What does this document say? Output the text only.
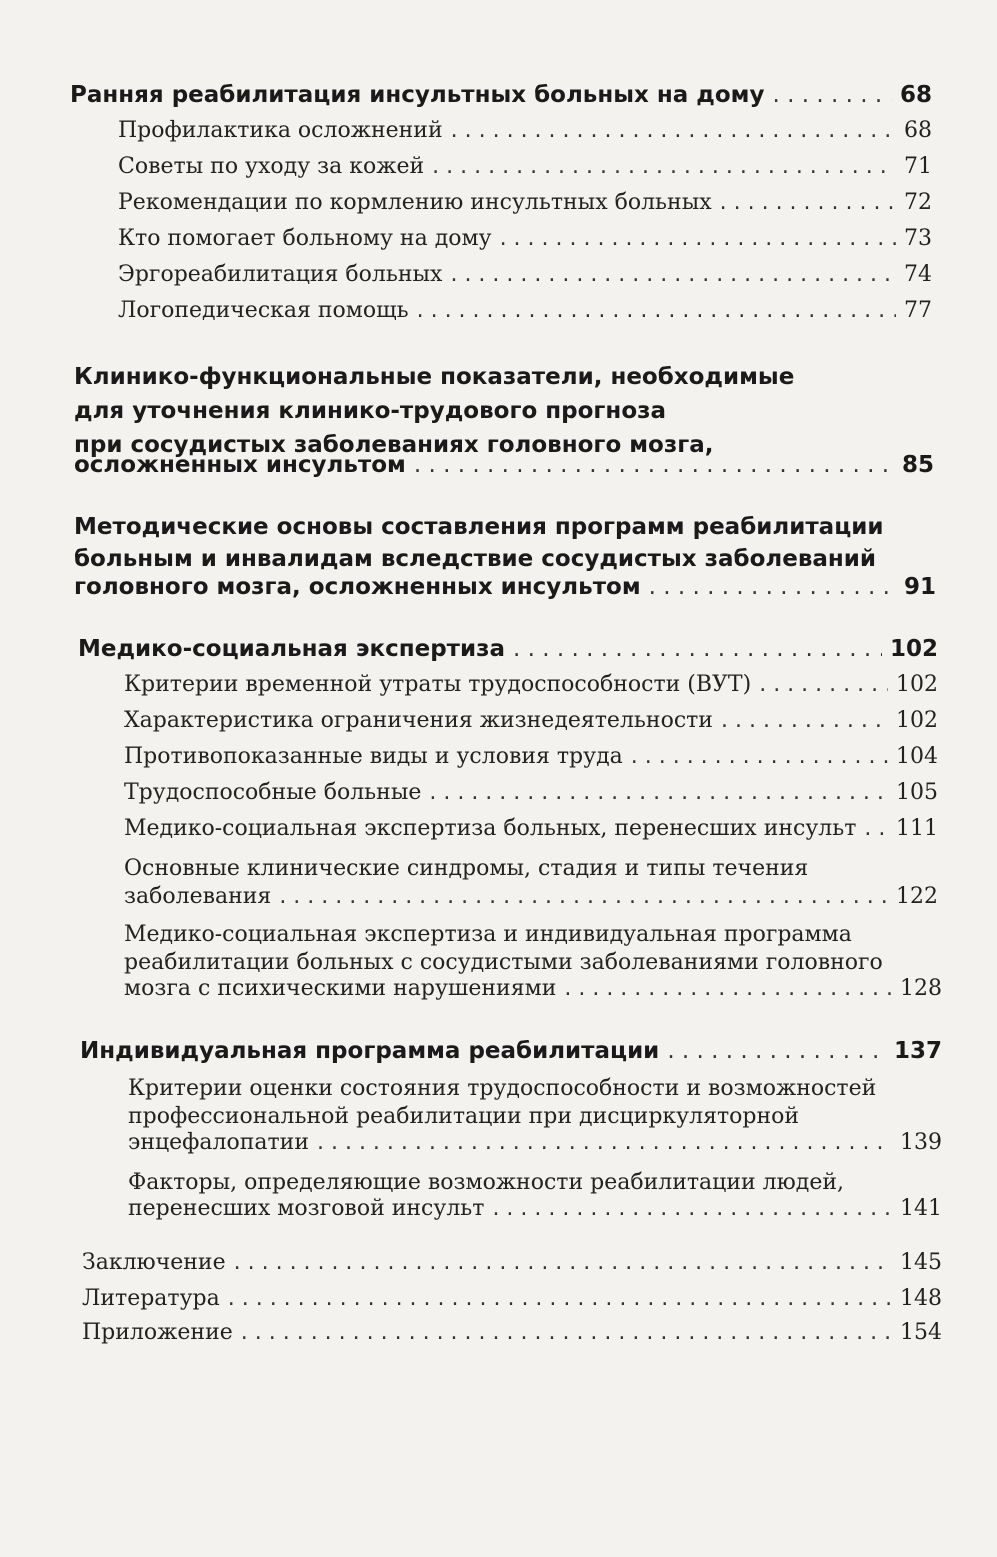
Ранняя реабилитация инсультных больных на дому . . .	68
Профилактика осложнений . . .	68
Советы по уходу за кожей . . .	71
Рекомендации по кормлению инсультных больных . . .	72
Кто помогает больному на дому . . .	73
Эргореабилитация больных . . .	74
Логопедическая помощь . . .	77
Клинико-функциональные показатели, необходимые
для уточнения клинико-трудового прогноза
при сосудистых заболеваниях головного мозга,
осложненных инсультом . . .	85
Методические основы составления программ реабилитации
больным и инвалидам вследствие сосудистых заболеваний
головного мозга, осложненных инсультом . . .	91
Медико-социальная экспертиза . . .	102
Критерии временной утраты трудоспособности (ВУТ) . . .	102
Характеристика ограничения жизнедеятельности . . .	102
Противопоказанные виды и условия труда . . .	104
Трудоспособные больные . . .	105
Медико-социальная экспертиза больных, перенесших инсульт . . . 111
Основные клинические синдромы, стадия и типы течения
заболевания . . .	122
Медико-социальная экспертиза и индивидуальная программа
реабилитации больных с сосудистыми заболеваниями головного
мозга с психическими нарушениями . . .	128
Индивидуальная программа реабилитации . . .	137
Критерии оценки состояния трудоспособности и возможностей
профессиональной реабилитации при дисциркуляторной
энцефалопатии . . .	139
Факторы, определяющие возможности реабилитации людей,
перенесших мозговой инсульт . . .	141
Заключение . . .	145
Литература . . .	148
Приложение . . .	154
